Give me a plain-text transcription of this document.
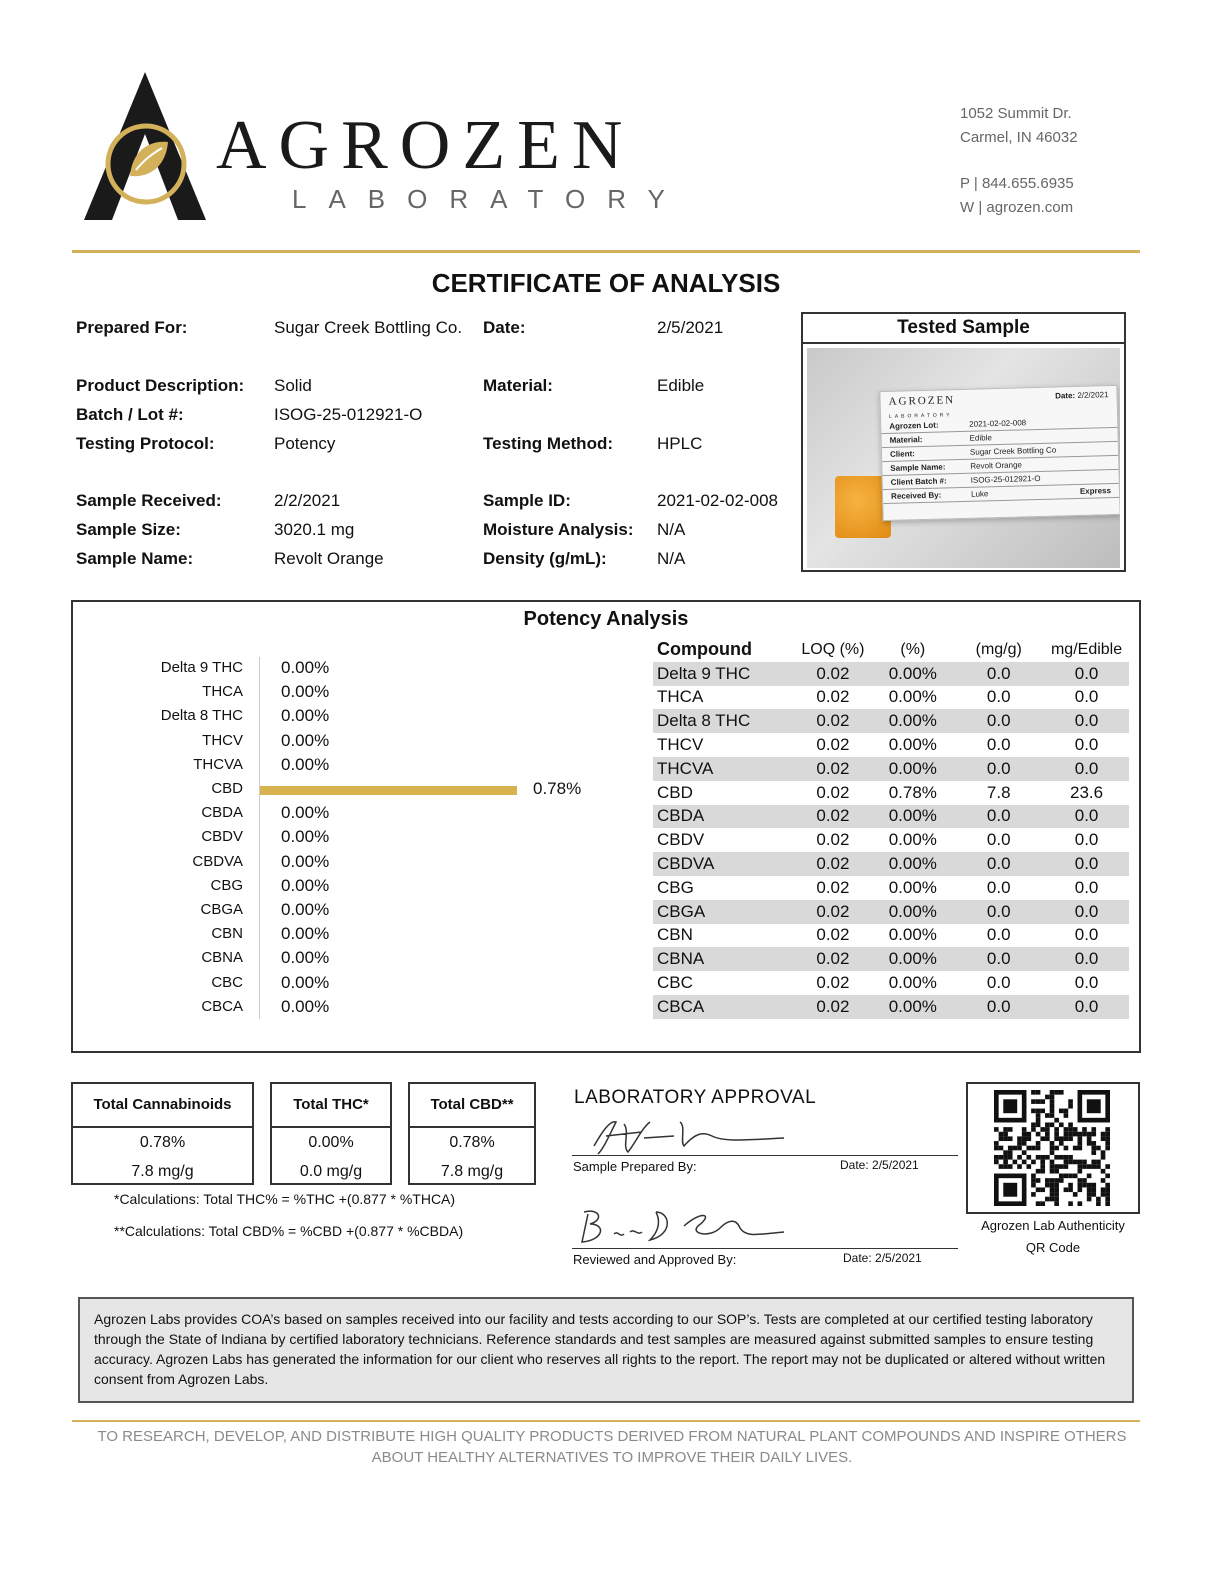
AGROZEN
LABORATORY
1052 Summit Dr.
Carmel, IN 46032
P | 844.655.6935
W | agrozen.com
CERTIFICATE OF ANALYSIS
Prepared For:	Sugar Creek Bottling Co. Date:	2/5/2021
Product Description: Solid	Material:	Edible
Batch / Lot #:	ISOG-25-012921-O
Testing Protocol:	Potency	Testing Method:	HPLC
Sample Received:	2/2/2021	Sample ID:	2021-02-02-008
Sample Size:	3020.1 mg	Moisture Analysis: N/A
Sample Name:	Revolt Orange	Density (g/mL):	N/A
Tested Sample
AGROZEN	Date: 2/2/2021
LABORATORY
Agrozen Lot:	2021-02-02-008
Material:	Edible
Client:	Sugar Creek Bottling Co
Sample Name:	Revolt Orange
Client Batch #:	ISOG-25-012921-O
Received By:	Luke	Express
Potency Analysis
Delta 9 THC 0.00%
THCA 0.00%
Delta 8 THC 0.00%
THCV 0.00%
THCVA 0.00%
CBD	0.78%
CBDA 0.00%
CBDV 0.00%
CBDVA 0.00%
CBG 0.00%
CBGA 0.00%
CBN 0.00%
CBNA 0.00%
CBC 0.00%
CBCA 0.00%
Compound	LOQ (%)	(%)	(mg/g)	mg/Edible
Delta 9 THC	0.02	0.00%	0.0	0.0
THCA	0.02	0.00%	0.0	0.0
Delta 8 THC	0.02	0.00%	0.0	0.0
THCV	0.02	0.00%	0.0	0.0
THCVA	0.02	0.00%	0.0	0.0
CBD	0.02	0.78%	7.8	23.6
CBDA	0.02	0.00%	0.0	0.0
CBDV	0.02	0.00%	0.0	0.0
CBDVA	0.02	0.00%	0.0	0.0
CBG	0.02	0.00%	0.0	0.0
CBGA	0.02	0.00%	0.0	0.0
CBN	0.02	0.00%	0.0	0.0
CBNA	0.02	0.00%	0.0	0.0
CBC	0.02	0.00%	0.0	0.0
CBCA	0.02	0.00%	0.0	0.0
Total Cannabinoids
0.78%
7.8 mg/g
Total THC*
0.00%
0.0 mg/g
Total CBD**
0.78%
7.8 mg/g
*Calculations: Total THC% = %THC +(0.877 * %THCA)
**Calculations: Total CBD% = %CBD +(0.877 * %CBDA)
LABORATORY APPROVAL
Sample Prepared By:	Date: 2/5/2021
Reviewed and Approved By:	Date: 2/5/2021
Agrozen Lab Authenticity
QR Code
Agrozen Labs provides COA’s based on samples received into our facility and tests according to our SOP’s. Tests are completed at our certified testing laboratory through the State of Indiana by certified laboratory technicians. Reference standards and test samples are measured against submitted samples to ensure testing accuracy. Agrozen Labs has generated the information for our client who reserves all rights to the report. The report may not be duplicated or altered without written consent from Agrozen Labs.
TO RESEARCH, DEVELOP, AND DISTRIBUTE HIGH QUALITY PRODUCTS DERIVED FROM NATURAL PLANT COMPOUNDS AND INSPIRE OTHERS
ABOUT HEALTHY ALTERNATIVES TO IMPROVE THEIR DAILY LIVES.
